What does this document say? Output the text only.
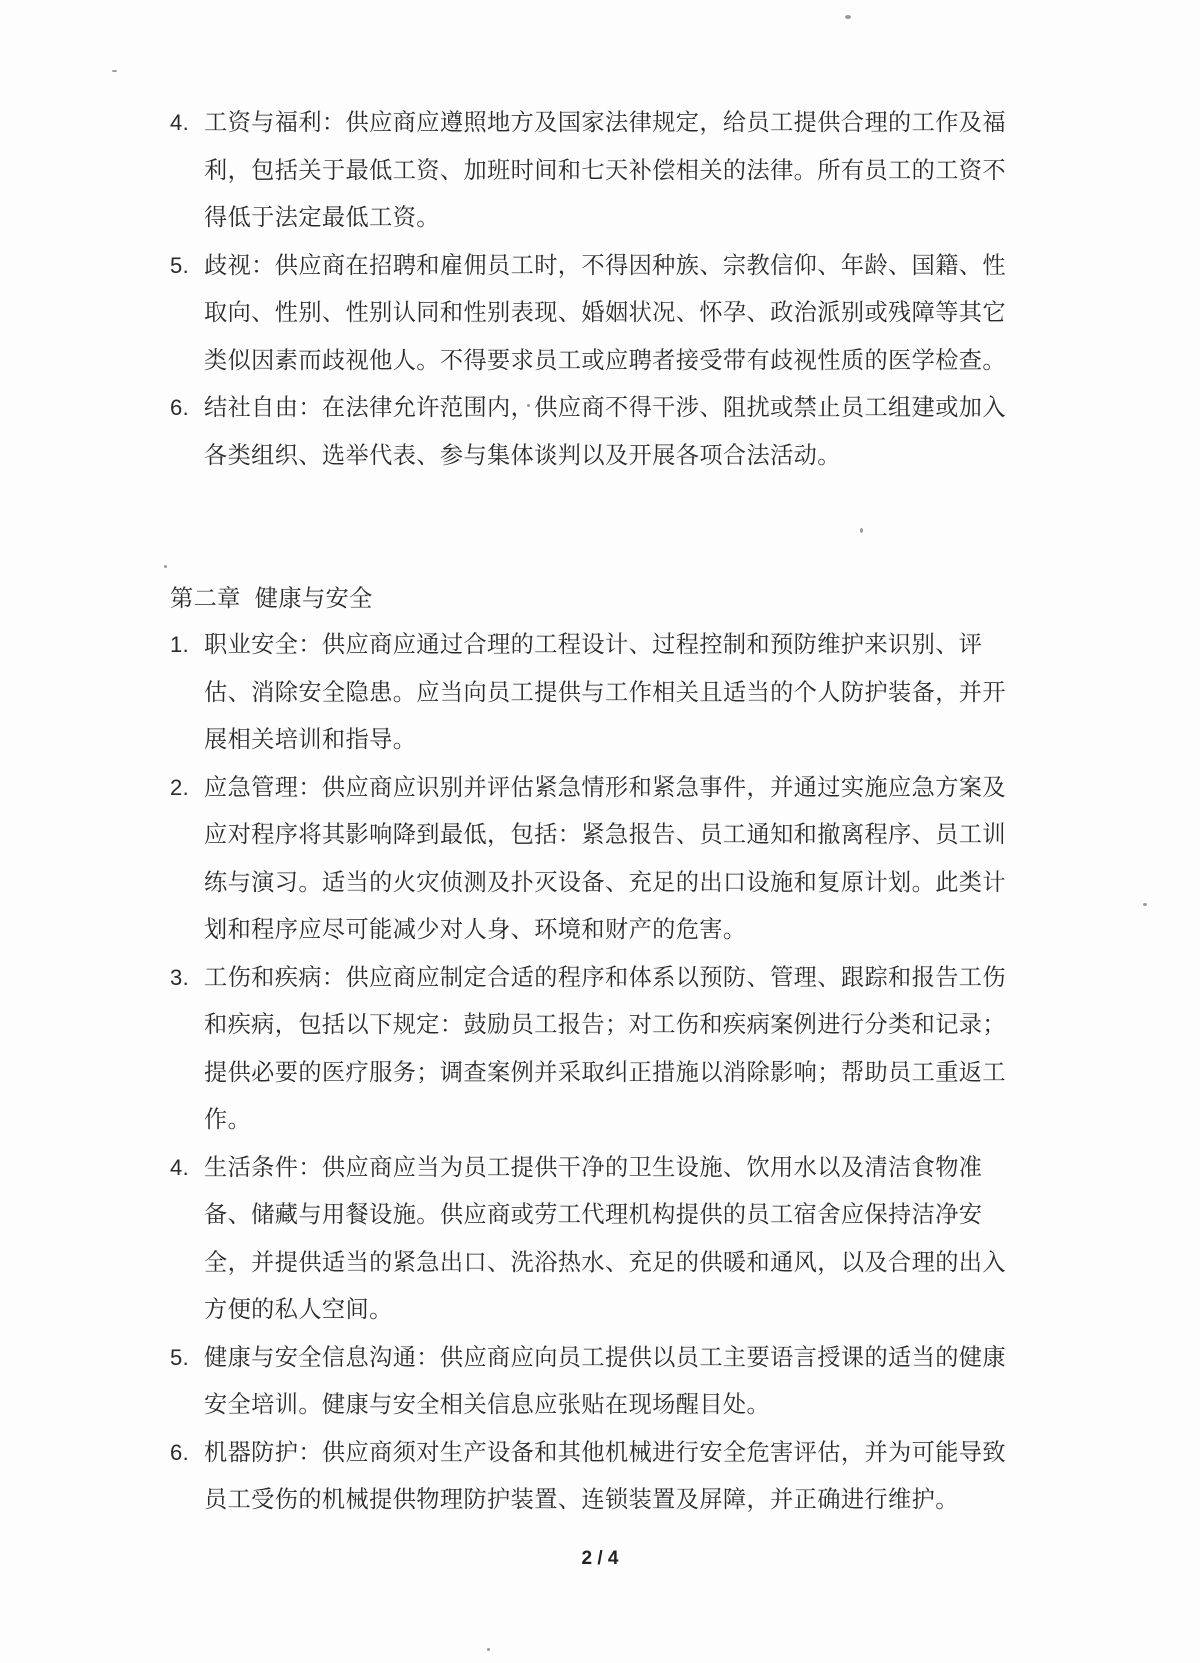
4. 工资与福利：供应商应遵照地方及国家法律规定，给员工提供合理的工作及福利，包括关于最低工资、加班时间和七天补偿相关的法律。所有员工的工资不得低于法定最低工资。
5. 歧视：供应商在招聘和雇佣员工时，不得因种族、宗教信仰、年龄、国籍、性取向、性别、性别认同和性别表现、婚姻状况、怀孕、政治派别或残障等其它类似因素而歧视他人。不得要求员工或应聘者接受带有歧视性质的医学检查。
6. 结社自由：在法律允许范围内，供应商不得干涉、阻扰或禁止员工组建或加入各类组织、选举代表、参与集体谈判以及开展各项合法活动。
第二章 健康与安全
1. 职业安全：供应商应通过合理的工程设计、过程控制和预防维护来识别、评估、消除安全隐患。应当向员工提供与工作相关且适当的个人防护装备，并开展相关培训和指导。
2. 应急管理：供应商应识别并评估紧急情形和紧急事件，并通过实施应急方案及应对程序将其影响降到最低，包括：紧急报告、员工通知和撤离程序、员工训练与演习。适当的火灾侦测及扑灭设备、充足的出口设施和复原计划。此类计划和程序应尽可能减少对人身、环境和财产的危害。
3. 工伤和疾病：供应商应制定合适的程序和体系以预防、管理、跟踪和报告工伤和疾病，包括以下规定：鼓励员工报告；对工伤和疾病案例进行分类和记录；提供必要的医疗服务；调查案例并采取纠正措施以消除影响；帮助员工重返工作。
4. 生活条件：供应商应当为员工提供干净的卫生设施、饮用水以及清洁食物准备、储藏与用餐设施。供应商或劳工代理机构提供的员工宿舍应保持洁净安全，并提供适当的紧急出口、洗浴热水、充足的供暖和通风，以及合理的出入方便的私人空间。
5. 健康与安全信息沟通：供应商应向员工提供以员工主要语言授课的适当的健康安全培训。健康与安全相关信息应张贴在现场醒目处。
6. 机器防护：供应商须对生产设备和其他机械进行安全危害评估，并为可能导致员工受伤的机械提供物理防护装置、连锁装置及屏障，并正确进行维护。
2 / 4
